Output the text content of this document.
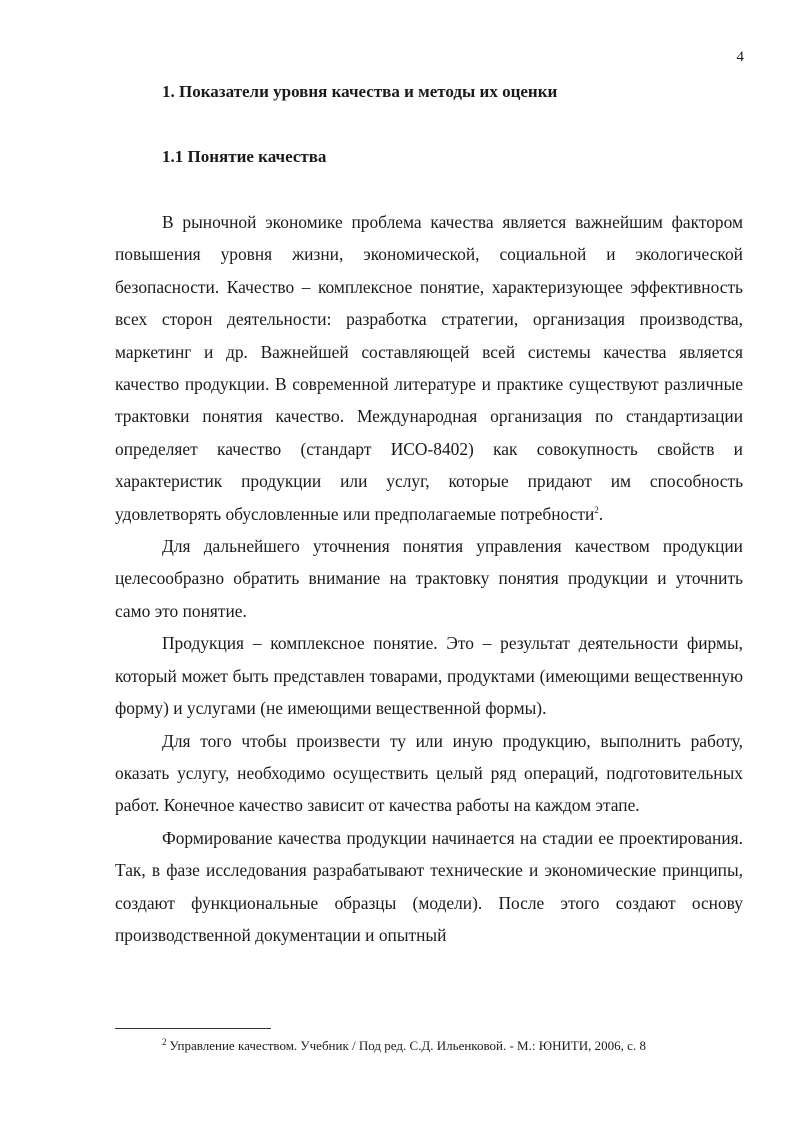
4
1. Показатели уровня качества и методы их оценки
1.1 Понятие качества

В рыночной экономике проблема качества является важнейшим фактором повышения уровня жизни, экономической, социальной и экологической безопасности. Качество – комплексное понятие, характеризующее эффективность всех сторон деятельности: разработка стратегии, организация производства, маркетинг и др. Важнейшей составляющей всей системы качества является качество продукции. В современной литературе и практике существуют различные трактовки понятия качество. Международная организация по стандартизации определяет качество (стандарт ИСО-8402) как совокупность свойств и характеристик продукции или услуг, которые придают им способность удовлетворять обусловленные или предполагаемые потребности$^2$.

Для дальнейшего уточнения понятия управления качеством продукции целесообразно обратить внимание на трактовку понятия продукции и уточнить само это понятие.

Продукция – комплексное понятие. Это – результат деятельности фирмы, который может быть представлен товарами, продуктами (имеющими вещественную форму) и услугами (не имеющими вещественной формы).

Для того чтобы произвести ту или иную продукцию, выполнить работу, оказать услугу, необходимо осуществить целый ряд операций, подготовительных работ. Конечное качество зависит от качества работы на каждом этапе.

Формирование качества продукции начинается на стадии ее проектирования. Так, в фазе исследования разрабатывают технические и экономические принципы, создают функциональные образцы (модели). После этого создают основу производственной документации и опытный

$^2$ Управление качеством. Учебник / Под ред. С.Д. Ильенковой. - М.: ЮНИТИ, 2006, с. 8
